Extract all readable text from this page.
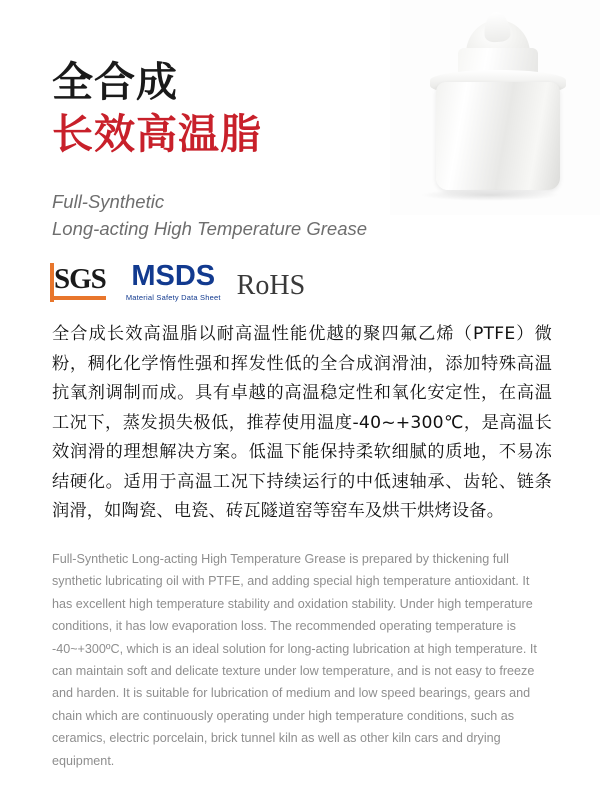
全合成
长效高温脂
Full-Synthetic
Long-acting High Temperature Grease
SGS MSDS
Material Safety Data Sheet RoHS
全合成长效高温脂以耐高温性能优越的聚四氟乙烯（PTFE）微粉，稠化化学惰性强和挥发性低的全合成润滑油，添加特殊高温抗氧剂调制而成。具有卓越的高温稳定性和氧化安定性，在高温工况下，蒸发损失极低，推荐使用温度-40~+300℃，是高温长效润滑的理想解决方案。低温下能保持柔软细腻的质地，不易冻结硬化。适用于高温工况下持续运行的中低速轴承、齿轮、链条润滑，如陶瓷、电瓷、砖瓦隧道窑等窑车及烘干烘烤设备。
Full-Synthetic Long-acting High Temperature Grease is prepared by thickening full synthetic lubricating oil with PTFE, and adding special high temperature antioxidant. It has excellent high temperature stability and oxidation stability. Under high temperature conditions, it has low evaporation loss. The recommended operating temperature is -40~+300ºC, which is an ideal solution for long-acting lubrication at high temperature. It can maintain soft and delicate texture under low temperature, and is not easy to freeze and harden. It is suitable for lubrication of medium and low speed bearings, gears and chain which are continuously operating under high temperature conditions, such as ceramics, electric porcelain, brick tunnel kiln as well as other kiln cars and drying equipment.
